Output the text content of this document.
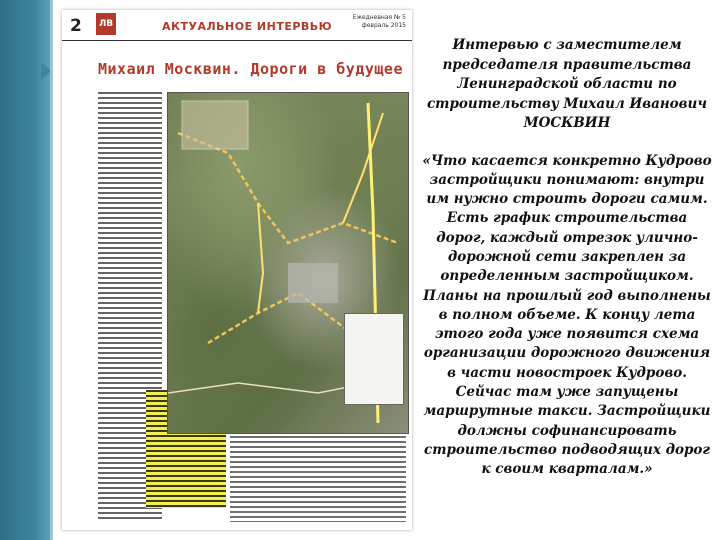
2	ЛВ	АКТУАЛЬНОЕ ИНТЕРВЬЮ
Ежедневная № 5 февраль 2015
Михаил Москвин. Дороги в будущее

Интервью с заместителем председателя правительства Ленинградской области по строительству Михаил Иванович МОСКВИН

«Что касается конкретно Кудрово застройщики понимают: внутри им нужно строить дороги самим. Есть график строительства дорог, каждый отрезок улично-дорожной сети закреплен за определенным застройщиком. Планы на прошлый год выполнены в полном объеме. К концу лета этого года уже появится схема организации дорожного движения в части новостроек Кудрово. Сейчас там уже запущены маршрутные такси. Застройщики должны софинансировать строительство подводящих дорог к своим кварталам.»
